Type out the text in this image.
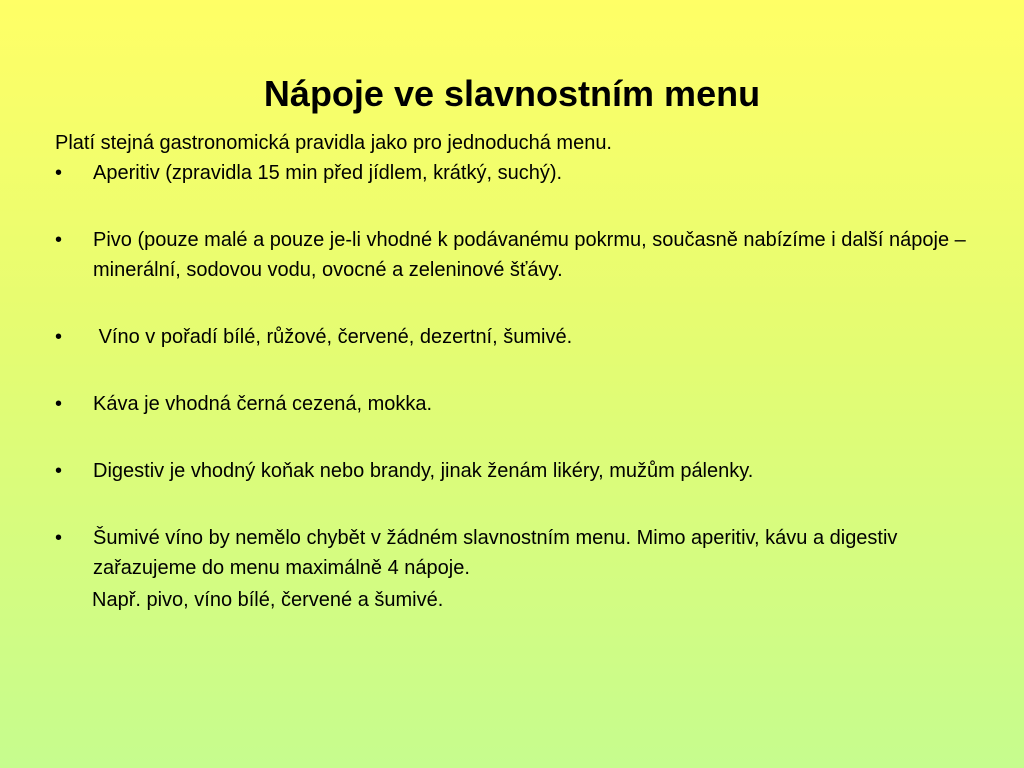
Nápoje ve slavnostním menu

Platí stejná gastronomická pravidla jako pro jednoduchá menu.

•	Aperitiv (zpravidla 15 min před jídlem, krátký, suchý).
•	Pivo (pouze malé a pouze je-li vhodné k podávanému pokrmu, současně nabízíme i další nápoje – minerální, sodovou vodu, ovocné a zeleninové šťávy.
•	Víno v pořadí bílé, růžové, červené, dezertní, šumivé.
•	Káva je vhodná černá cezená, mokka.
•	Digestiv je vhodný koňak nebo brandy, jinak ženám likéry, mužům pálenky.
•	Šumivé víno by nemělo chybět v žádném slavnostním menu. Mimo aperitiv, kávu a digestiv zařazujeme do menu maximálně 4 nápoje.

Např. pivo, víno bílé, červené a šumivé.
